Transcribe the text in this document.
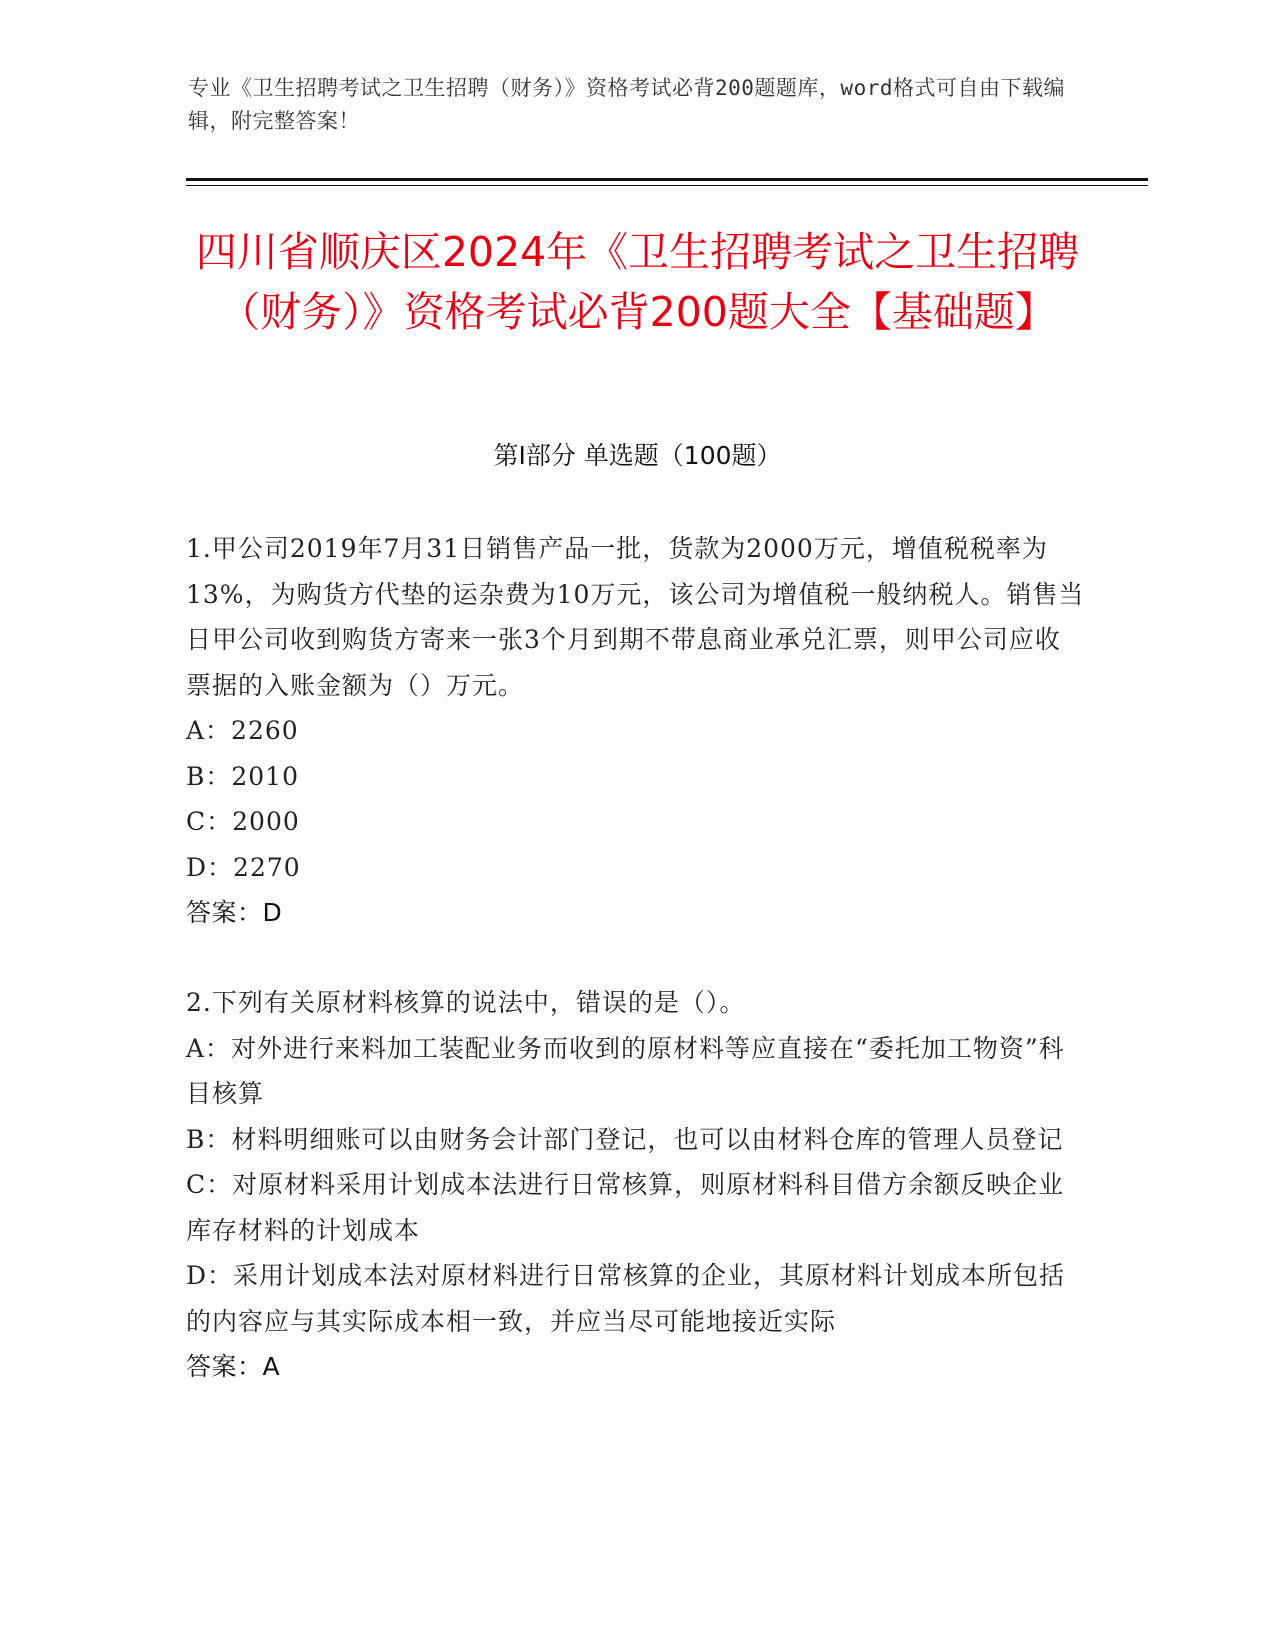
专业《卫生招聘考试之卫生招聘（财务）》资格考试必背200题题库，word格式可自由下载编辑，附完整答案！
四川省顺庆区2024年《卫生招聘考试之卫生招聘（财务）》资格考试必背200题大全【基础题】
第I部分 单选题（100题）

1.甲公司2019年7月31日销售产品一批，货款为2000万元，增值税税率为13%，为购货方代垫的运杂费为10万元，该公司为增值税一般纳税人。销售当日甲公司收到购货方寄来一张3个月到期不带息商业承兑汇票，则甲公司应收票据的入账金额为（）万元。

A：2260

B：2010

C：2000

D：2270

答案：D

2.下列有关原材料核算的说法中，错误的是（）。

A：对外进行来料加工装配业务而收到的原材料等应直接在“委托加工物资”科目核算

B：材料明细账可以由财务会计部门登记，也可以由材料仓库的管理人员登记

C：对原材料采用计划成本法进行日常核算，则原材料科目借方余额反映企业库存材料的计划成本

D：采用计划成本法对原材料进行日常核算的企业，其原材料计划成本所包括的内容应与其实际成本相一致，并应当尽可能地接近实际

答案：A
